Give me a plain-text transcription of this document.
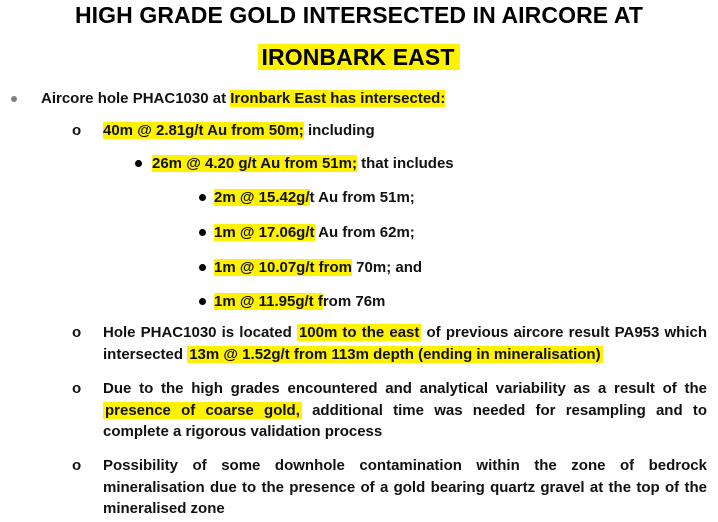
HIGH GRADE GOLD INTERSECTED IN AIRCORE AT
IRONBARK EAST
Aircore hole PHAC1030 at Ironbark East has intersected:
o 40m @ 2.81g/t Au from 50m; including
26m @ 4.20 g/t Au from 51m; that includes
2m @ 15.42g/t Au from 51m;
1m @ 17.06g/t Au from 62m;
1m @ 10.07g/t from 70m; and
1m @ 11.95g/t from 76m
o Hole PHAC1030 is located 100m to the east of previous aircore result PA953 which intersected 13m @ 1.52g/t from 113m depth (ending in mineralisation)
o Due to the high grades encountered and analytical variability as a result of the presence of coarse gold, additional time was needed for resampling and to complete a rigorous validation process
o Possibility of some downhole contamination within the zone of bedrock mineralisation due to the presence of a gold bearing quartz gravel at the top of the mineralised zone
